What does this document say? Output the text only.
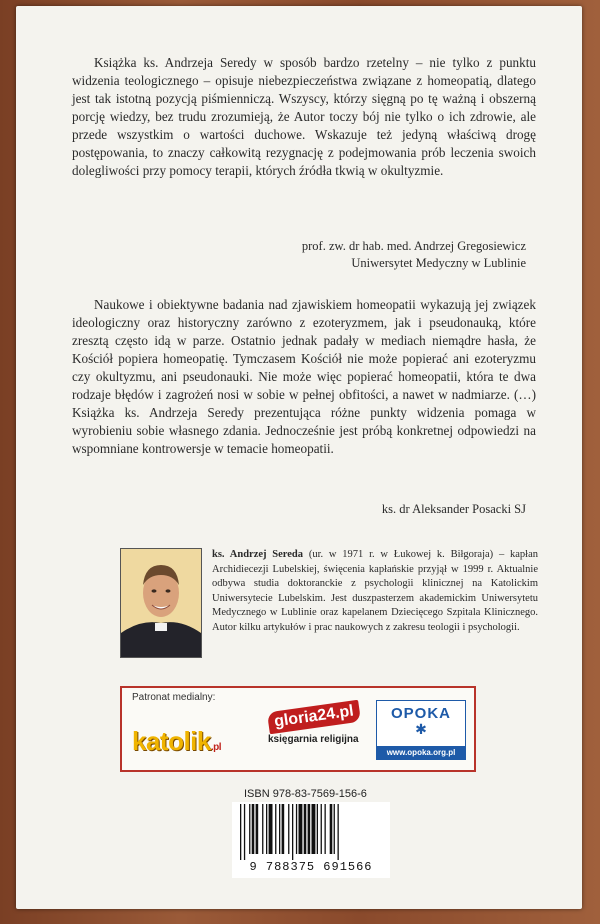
Książka ks. Andrzeja Seredy w sposób bardzo rzetelny – nie tylko z punktu widzenia teologicznego – opisuje niebezpieczeństwa związane z homeopatią, dlatego jest tak istotną pozycją piśmienniczą. Wszyscy, którzy sięgną po tę ważną i obszerną porcję wiedzy, bez trudu zrozumieją, że Autor toczy bój nie tylko o ich zdrowie, ale przede wszystkim o wartości duchowe. Wskazuje też jedyną właściwą drogę postępowania, to znaczy całkowitą rezygnację z podejmowania prób leczenia swoich dolegliwości przy pomocy terapii, których źródła tkwią w okultyzmie.
prof. zw. dr hab. med. Andrzej Gregosiewicz
Uniwersytet Medyczny w Lublinie
Naukowe i obiektywne badania nad zjawiskiem homeopatii wykazują jej związek ideologiczny oraz historyczny zarówno z ezoteryzmem, jak i pseudonauką, które zresztą często idą w parze. Ostatnio jednak padały w mediach niemądre hasła, że Kościół popiera homeopatię. Tymczasem Kościół nie może popierać ani ezoteryzmu czy okultyzmu, ani pseudonauki. Nie może więc popierać homeopatii, która te dwa rodzaje błędów i zagrożeń nosi w sobie w pełnej obfitości, a nawet w nadmiarze. (…) Książka ks. Andrzeja Seredy prezentująca różne punkty widzenia pomaga w wyrobieniu sobie własnego zdania. Jednocześnie jest próbą konkretnej odpowiedzi na wspomniane kontrowersje w temacie homeopatii.
ks. dr Aleksander Posacki SJ
ks. Andrzej Sereda (ur. w 1971 r. w Łukowej k. Biłgoraja) – kapłan Archidiecezji Lubelskiej, święcenia kapłańskie przyjął w 1999 r. Aktualnie odbywa studia doktoranckie z psychologii klinicznej na Katolickim Uniwersytecie Lubelskim. Jest duszpasterzem akademickim Uniwersytetu Medycznego w Lublinie oraz kapelanem Dziecięcego Szpitala Klinicznego. Autor kilku artykułów i prac naukowych z zakresu teologii i psychologii.
Patronat medialny:
katolik.pl
gloria24.pl
księgarnia religijna
OPOKA
✱
www.opoka.org.pl
ISBN 978-83-7569-156-6
9 788375 691566
